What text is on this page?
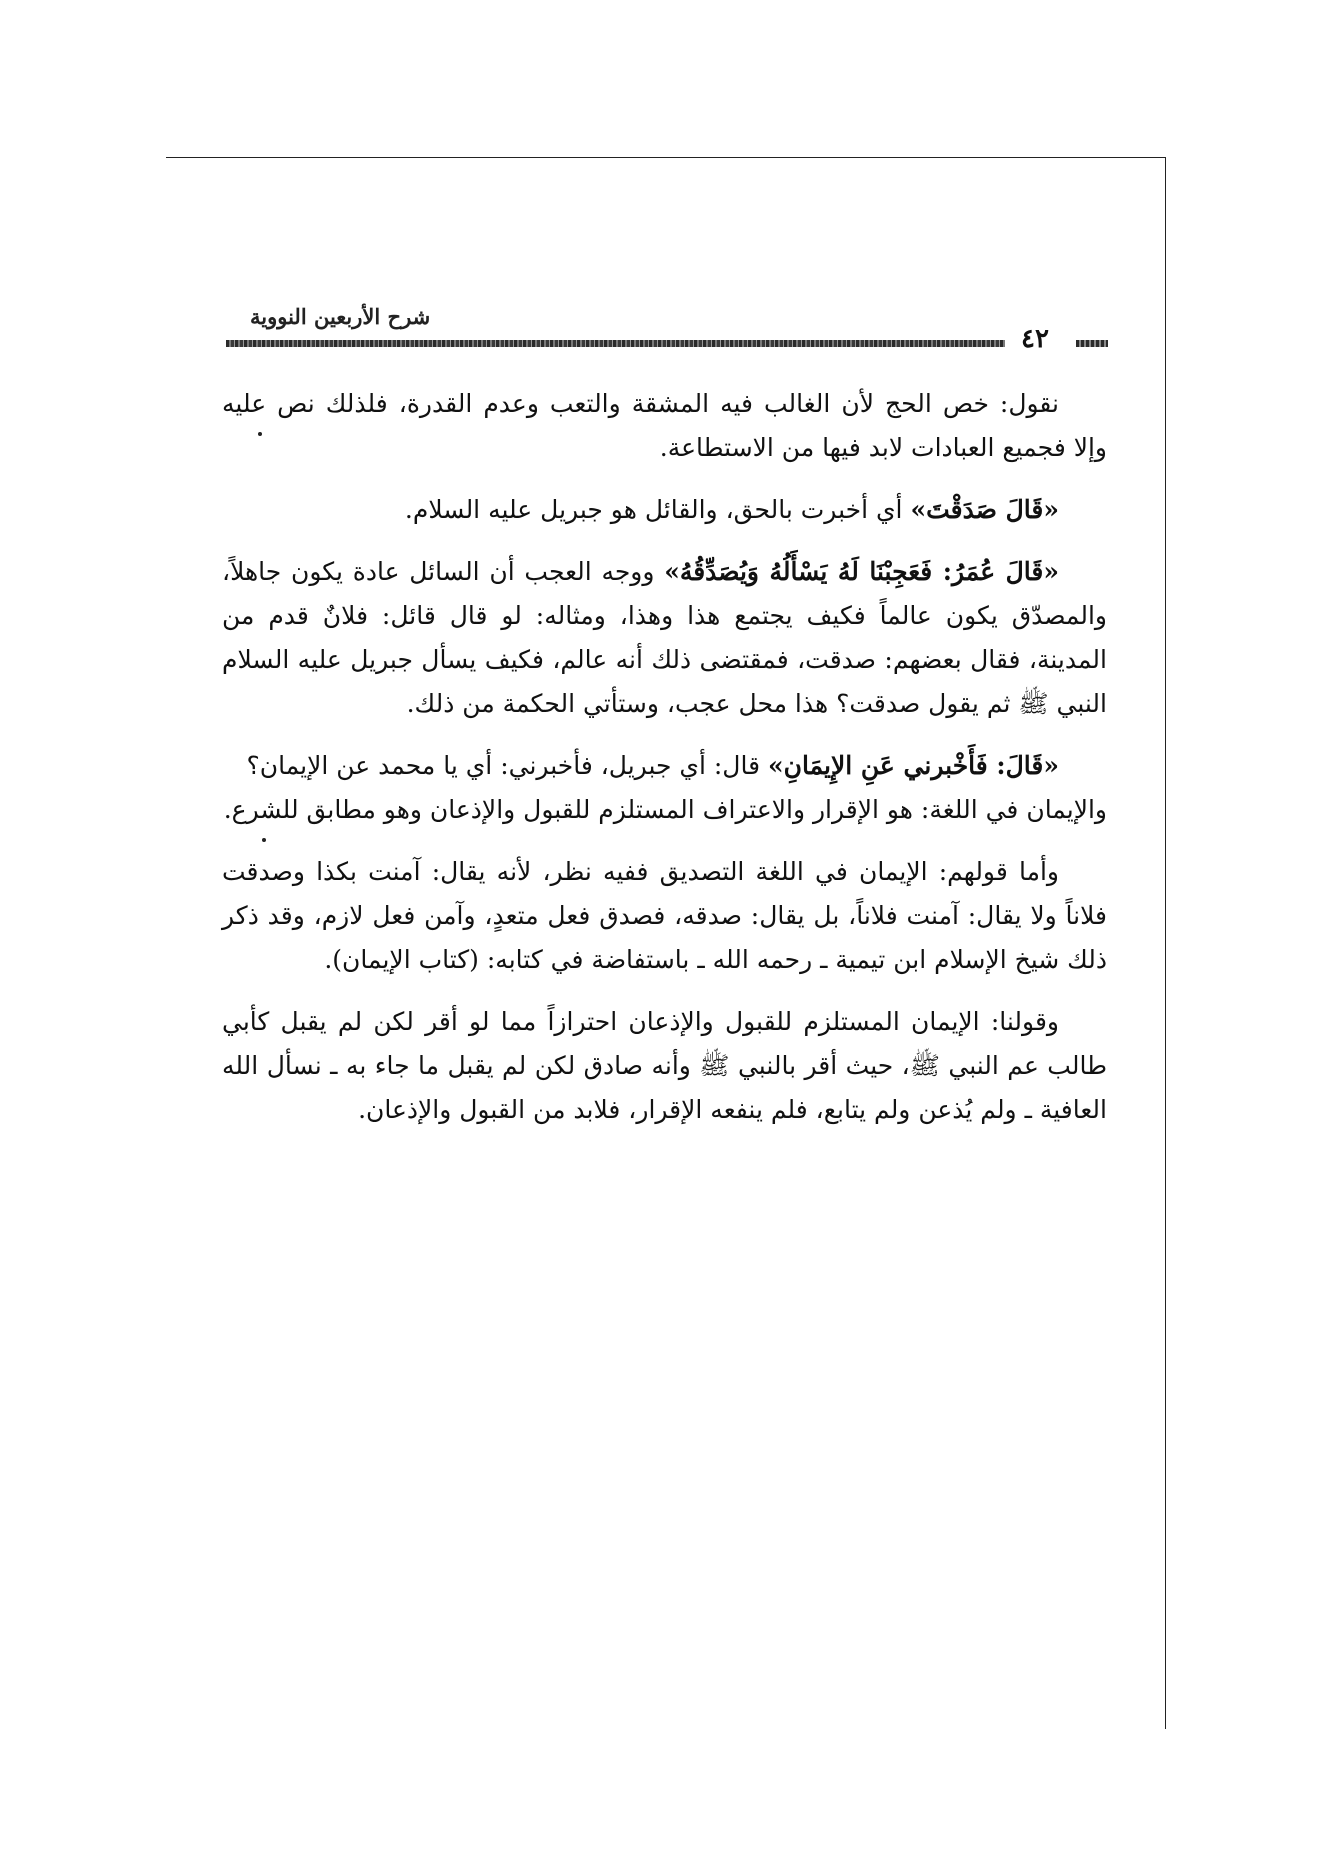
شرح الأربعين النووية
٤٢

نقول: خص الحج لأن الغالب فيه المشقة والتعب وعدم القدرة، فلذلك نص عليه وإلا فجميع العبادات لابد فيها من الاستطاعة.

«قَالَ صَدَقْتَ» أي أخبرت بالحق، والقائل هو جبريل عليه السلام.

«قَالَ عُمَرُ: فَعَجِبْنَا لَهُ يَسْأَلُهُ وَيُصَدِّقُهُ» ووجه العجب أن السائل عادة يكون جاهلاً، والمصدّق يكون عالماً فكيف يجتمع هذا وهذا، ومثاله: لو قال قائل: فلانٌ قدم من المدينة، فقال بعضهم: صدقت، فمقتضى ذلك أنه عالم، فكيف يسأل جبريل عليه السلام النبي ﷺ ثم يقول صدقت؟ هذا محل عجب، وستأتي الحكمة من ذلك.

«قَالَ: فَأَخْبرني عَنِ الإِيمَانِ» قال: أي جبريل، فأخبرني: أي يا محمد عن الإيمان؟

والإيمان في اللغة: هو الإقرار والاعتراف المستلزم للقبول والإذعان وهو مطابق للشرع.

وأما قولهم: الإيمان في اللغة التصديق ففيه نظر، لأنه يقال: آمنت بكذا وصدقت فلاناً ولا يقال: آمنت فلاناً، بل يقال: صدقه، فصدق فعل متعدٍ، وآمن فعل لازم، وقد ذكر ذلك شيخ الإسلام ابن تيمية ـ رحمه الله ـ باستفاضة في كتابه: (كتاب الإيمان).

وقولنا: الإيمان المستلزم للقبول والإذعان احترازاً مما لو أقر لكن لم يقبل كأبي طالب عم النبي ﷺ، حيث أقر بالنبي ﷺ وأنه صادق لكن لم يقبل ما جاء به ـ نسأل الله العافية ـ ولم يُذعن ولم يتابع، فلم ينفعه الإقرار، فلابد من القبول والإذعان.
